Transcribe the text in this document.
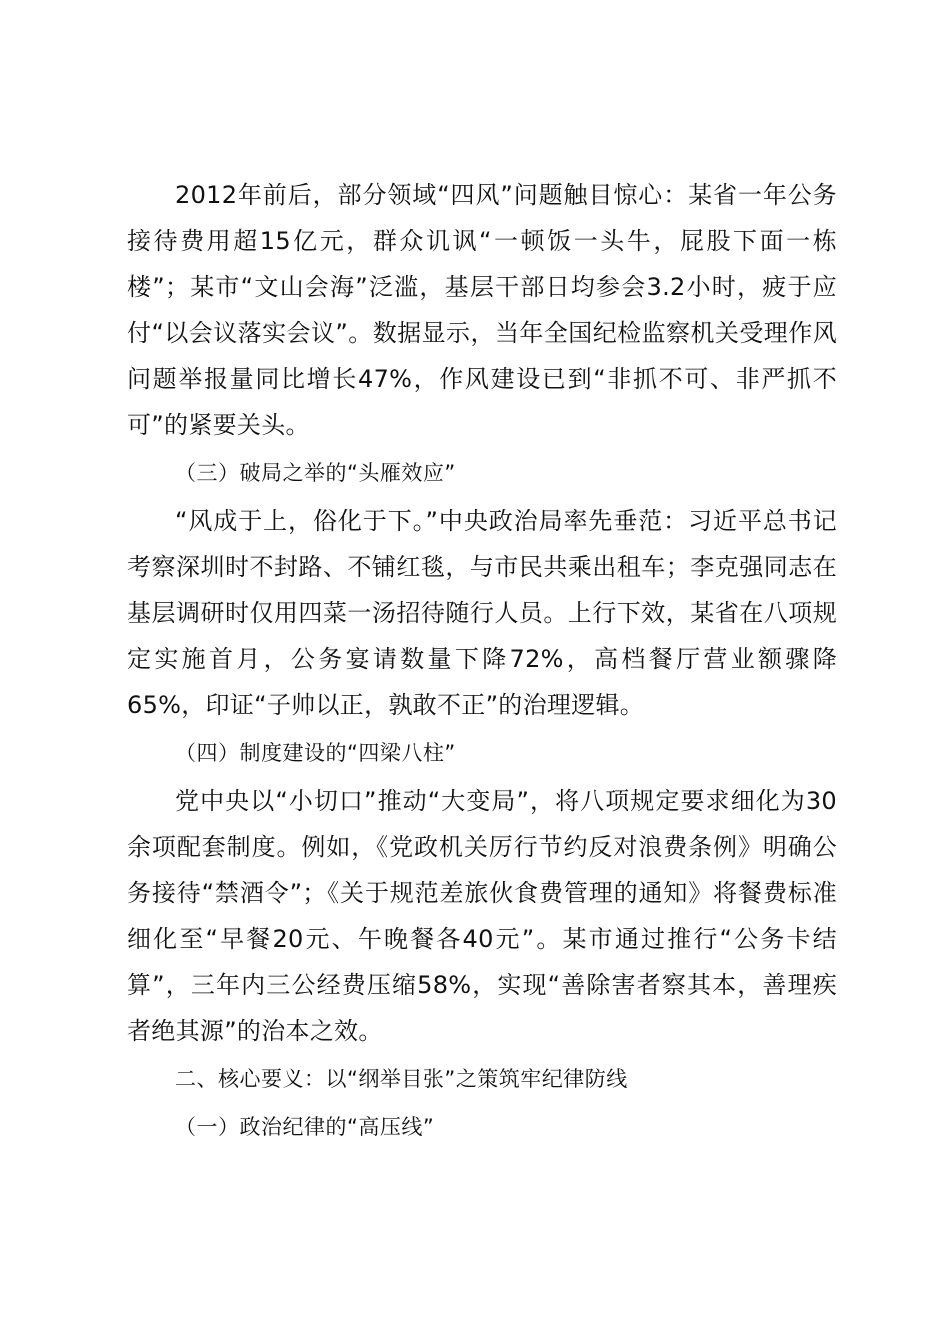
2012年前后，部分领域“四风”问题触目惊心：某省一年公务接待费用超15亿元，群众讥讽“一顿饭一头牛，屁股下面一栋楼”；某市“文山会海”泛滥，基层干部日均参会3.2小时，疲于应付“以会议落实会议”。数据显示，当年全国纪检监察机关受理作风问题举报量同比增长47%，作风建设已到“非抓不可、非严抓不可”的紧要关头。

（三）破局之举的“头雁效应”

“风成于上，俗化于下。”中央政治局率先垂范：习近平总书记考察深圳时不封路、不铺红毯，与市民共乘出租车；李克强同志在基层调研时仅用四菜一汤招待随行人员。上行下效，某省在八项规定实施首月，公务宴请数量下降72%，高档餐厅营业额骤降65%，印证“子帅以正，孰敢不正”的治理逻辑。

（四）制度建设的“四梁八柱”

党中央以“小切口”推动“大变局”，将八项规定要求细化为30余项配套制度。例如，《党政机关厉行节约反对浪费条例》明确公务接待“禁酒令”；《关于规范差旅伙食费管理的通知》将餐费标准细化至“早餐20元、午晚餐各40元”。某市通过推行“公务卡结算”，三年内三公经费压缩58%，实现“善除害者察其本，善理疾者绝其源”的治本之效。

二、核心要义：以“纲举目张”之策筑牢纪律防线

（一）政治纪律的“高压线”
